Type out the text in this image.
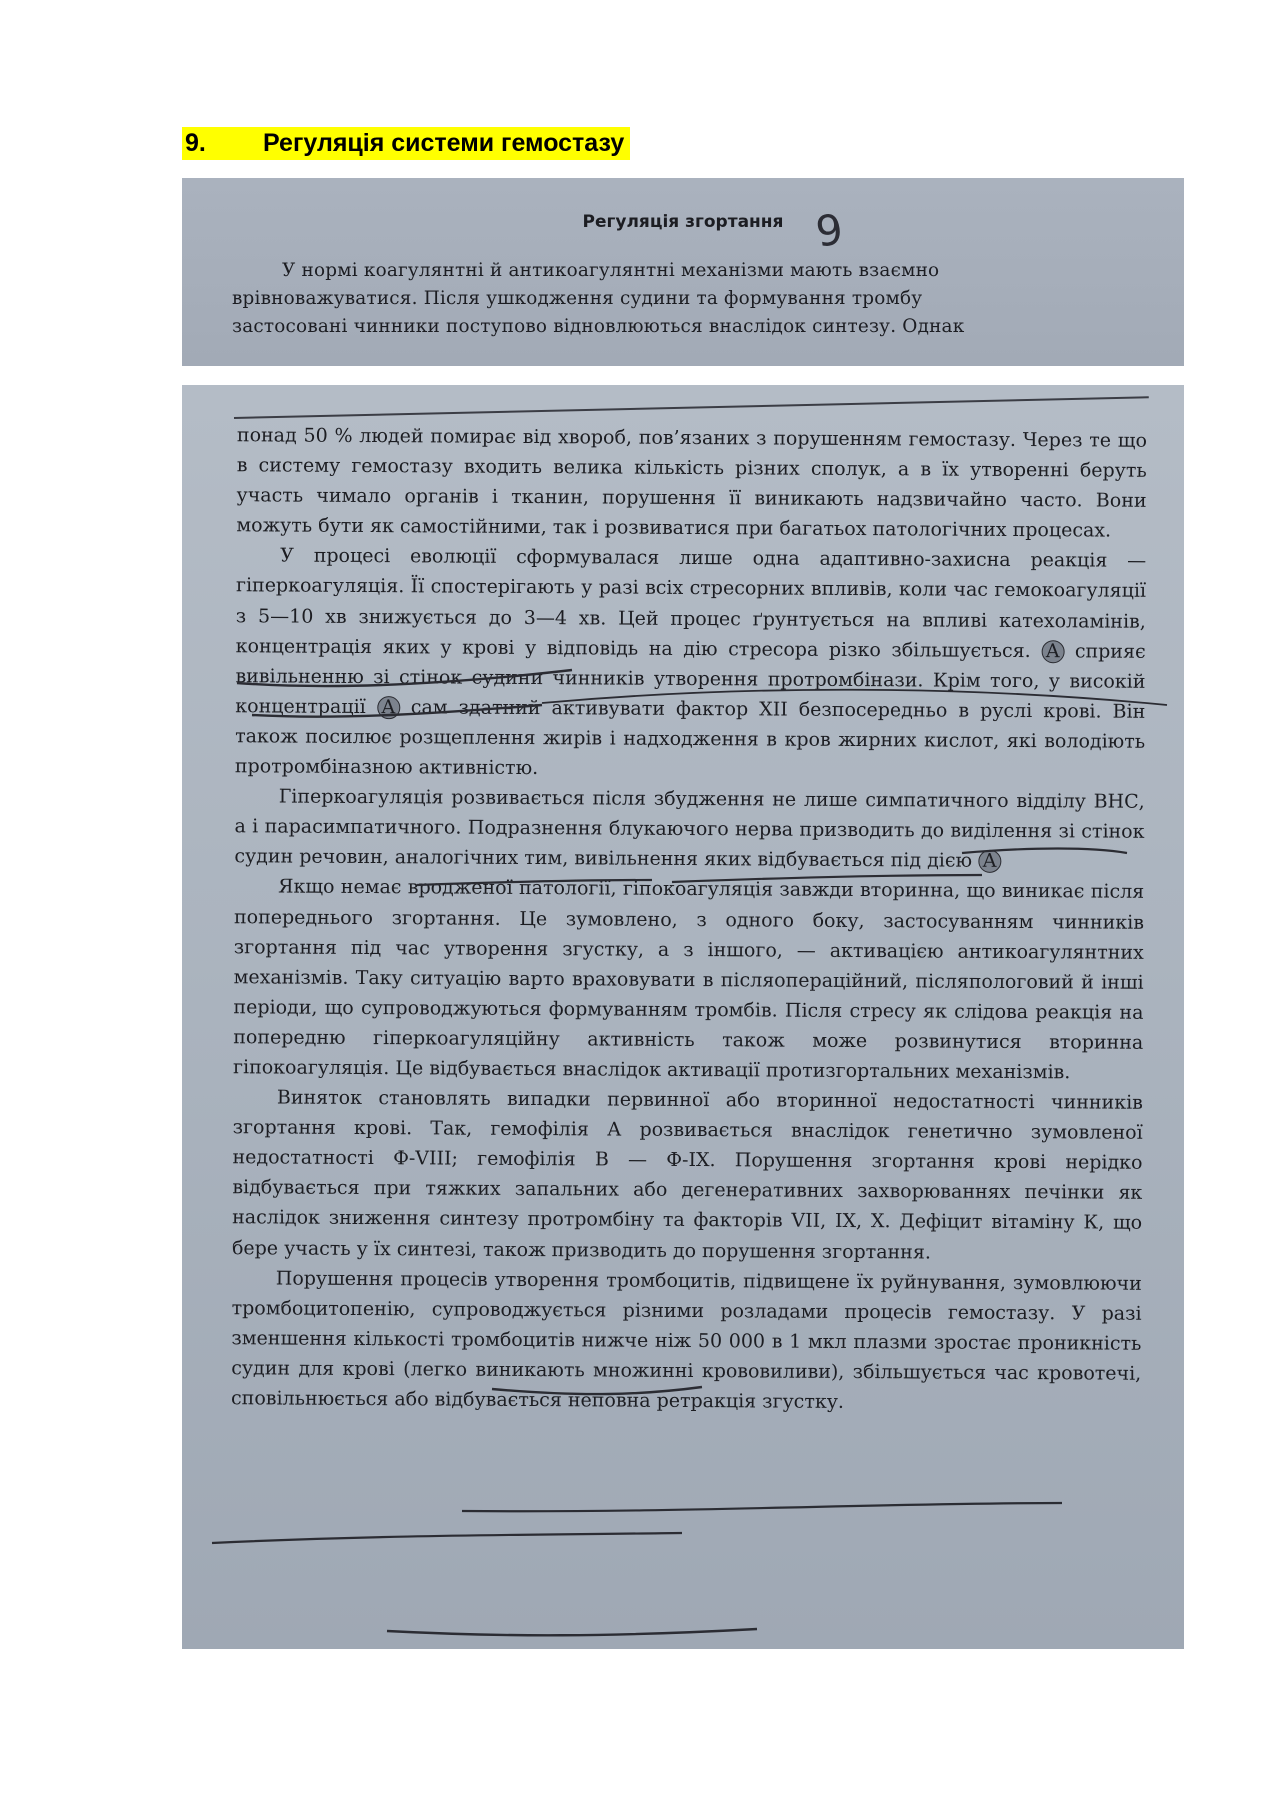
9.	Регуляція системи гемостазу
Регуляція згортання 9
У нормі коагулянтні й антикоагулянтні механізми мають взаємно
врівноважуватися. Після ушкодження судини та формування тромбу
застосовані чинники поступово відновлюються внаслідок синтезу. Однак

понад 50 % людей помирає від хвороб, пов’язаних з порушенням гемостазу. Через те що в систему гемостазу входить велика кількість різних сполук, а в їх утворенні беруть участь чимало органів і тканин, порушення її виникають надзвичайно часто. Вони можуть бути як самостійними, так і розвиватися при багатьох патологічних процесах.

У процесі еволюції сформувалася лише одна адаптивно-захисна реакція — гіперкоагуляція. Її спостерігають у разі всіх стресорних впливів, коли час гемокоагуляції з 5—10 хв знижується до 3—4 хв. Цей процес ґрунтується на впливі катехоламінів, концентрація яких у крові у відповідь на дію стресора різко збільшується. А сприяє вивільненню зі стінок судини чинників утворення протромбінази. Крім того, у високій концентрації А сам здатний активувати фактор XII безпосередньо в руслі крові. Він також посилює розщеплення жирів і надходження в кров жирних кислот, які володіють протромбіназною активністю.

Гіперкоагуляція розвивається після збудження не лише симпатичного відділу ВНС, а і парасимпатичного. Подразнення блукаючого нерва призводить до виділення зі стінок судин речовин, аналогічних тим, вивільнення яких відбувається під дією А

Якщо немає вродженої патології, гіпокоагуляція завжди вторинна, що виникає після попереднього згортання. Це зумовлено, з одного боку, застосуванням чинників згортання під час утворення згустку, а з іншого, — активацією антикоагулянтних механізмів. Таку ситуацію варто враховувати в післяопераційний, післяпологовий й інші періоди, що супроводжуються формуванням тромбів. Після стресу як слідова реакція на попередню гіперкоагуляційну активність також може розвинутися вторинна гіпокоагуляція. Це відбувається внаслідок активації протизгортальних механізмів.

Виняток становлять випадки первинної або вторинної недостатності чинників згортання крові. Так, гемофілія А розвивається внаслідок генетично зумовленої недостатності Ф-VIII; гемофілія В — Ф-IX. Порушення згортання крові нерідко відбувається при тяжких запальних або дегенеративних захворюваннях печінки як наслідок зниження синтезу протромбіну та факторів VII, IX, X. Дефіцит вітаміну К, що бере участь у їх синтезі, також призводить до порушення згортання.

Порушення процесів утворення тромбоцитів, підвищене їх руйнування, зумовлюючи тромбоцитопенію, супроводжується різними розладами процесів гемостазу. У разі зменшення кількості тромбоцитів нижче ніж 50 000 в 1 мкл плазми зростає проникність судин для крові (легко виникають множинні крововиливи), збільшується час кровотечі, сповільнюється або відбувається неповна ретракція згустку.
